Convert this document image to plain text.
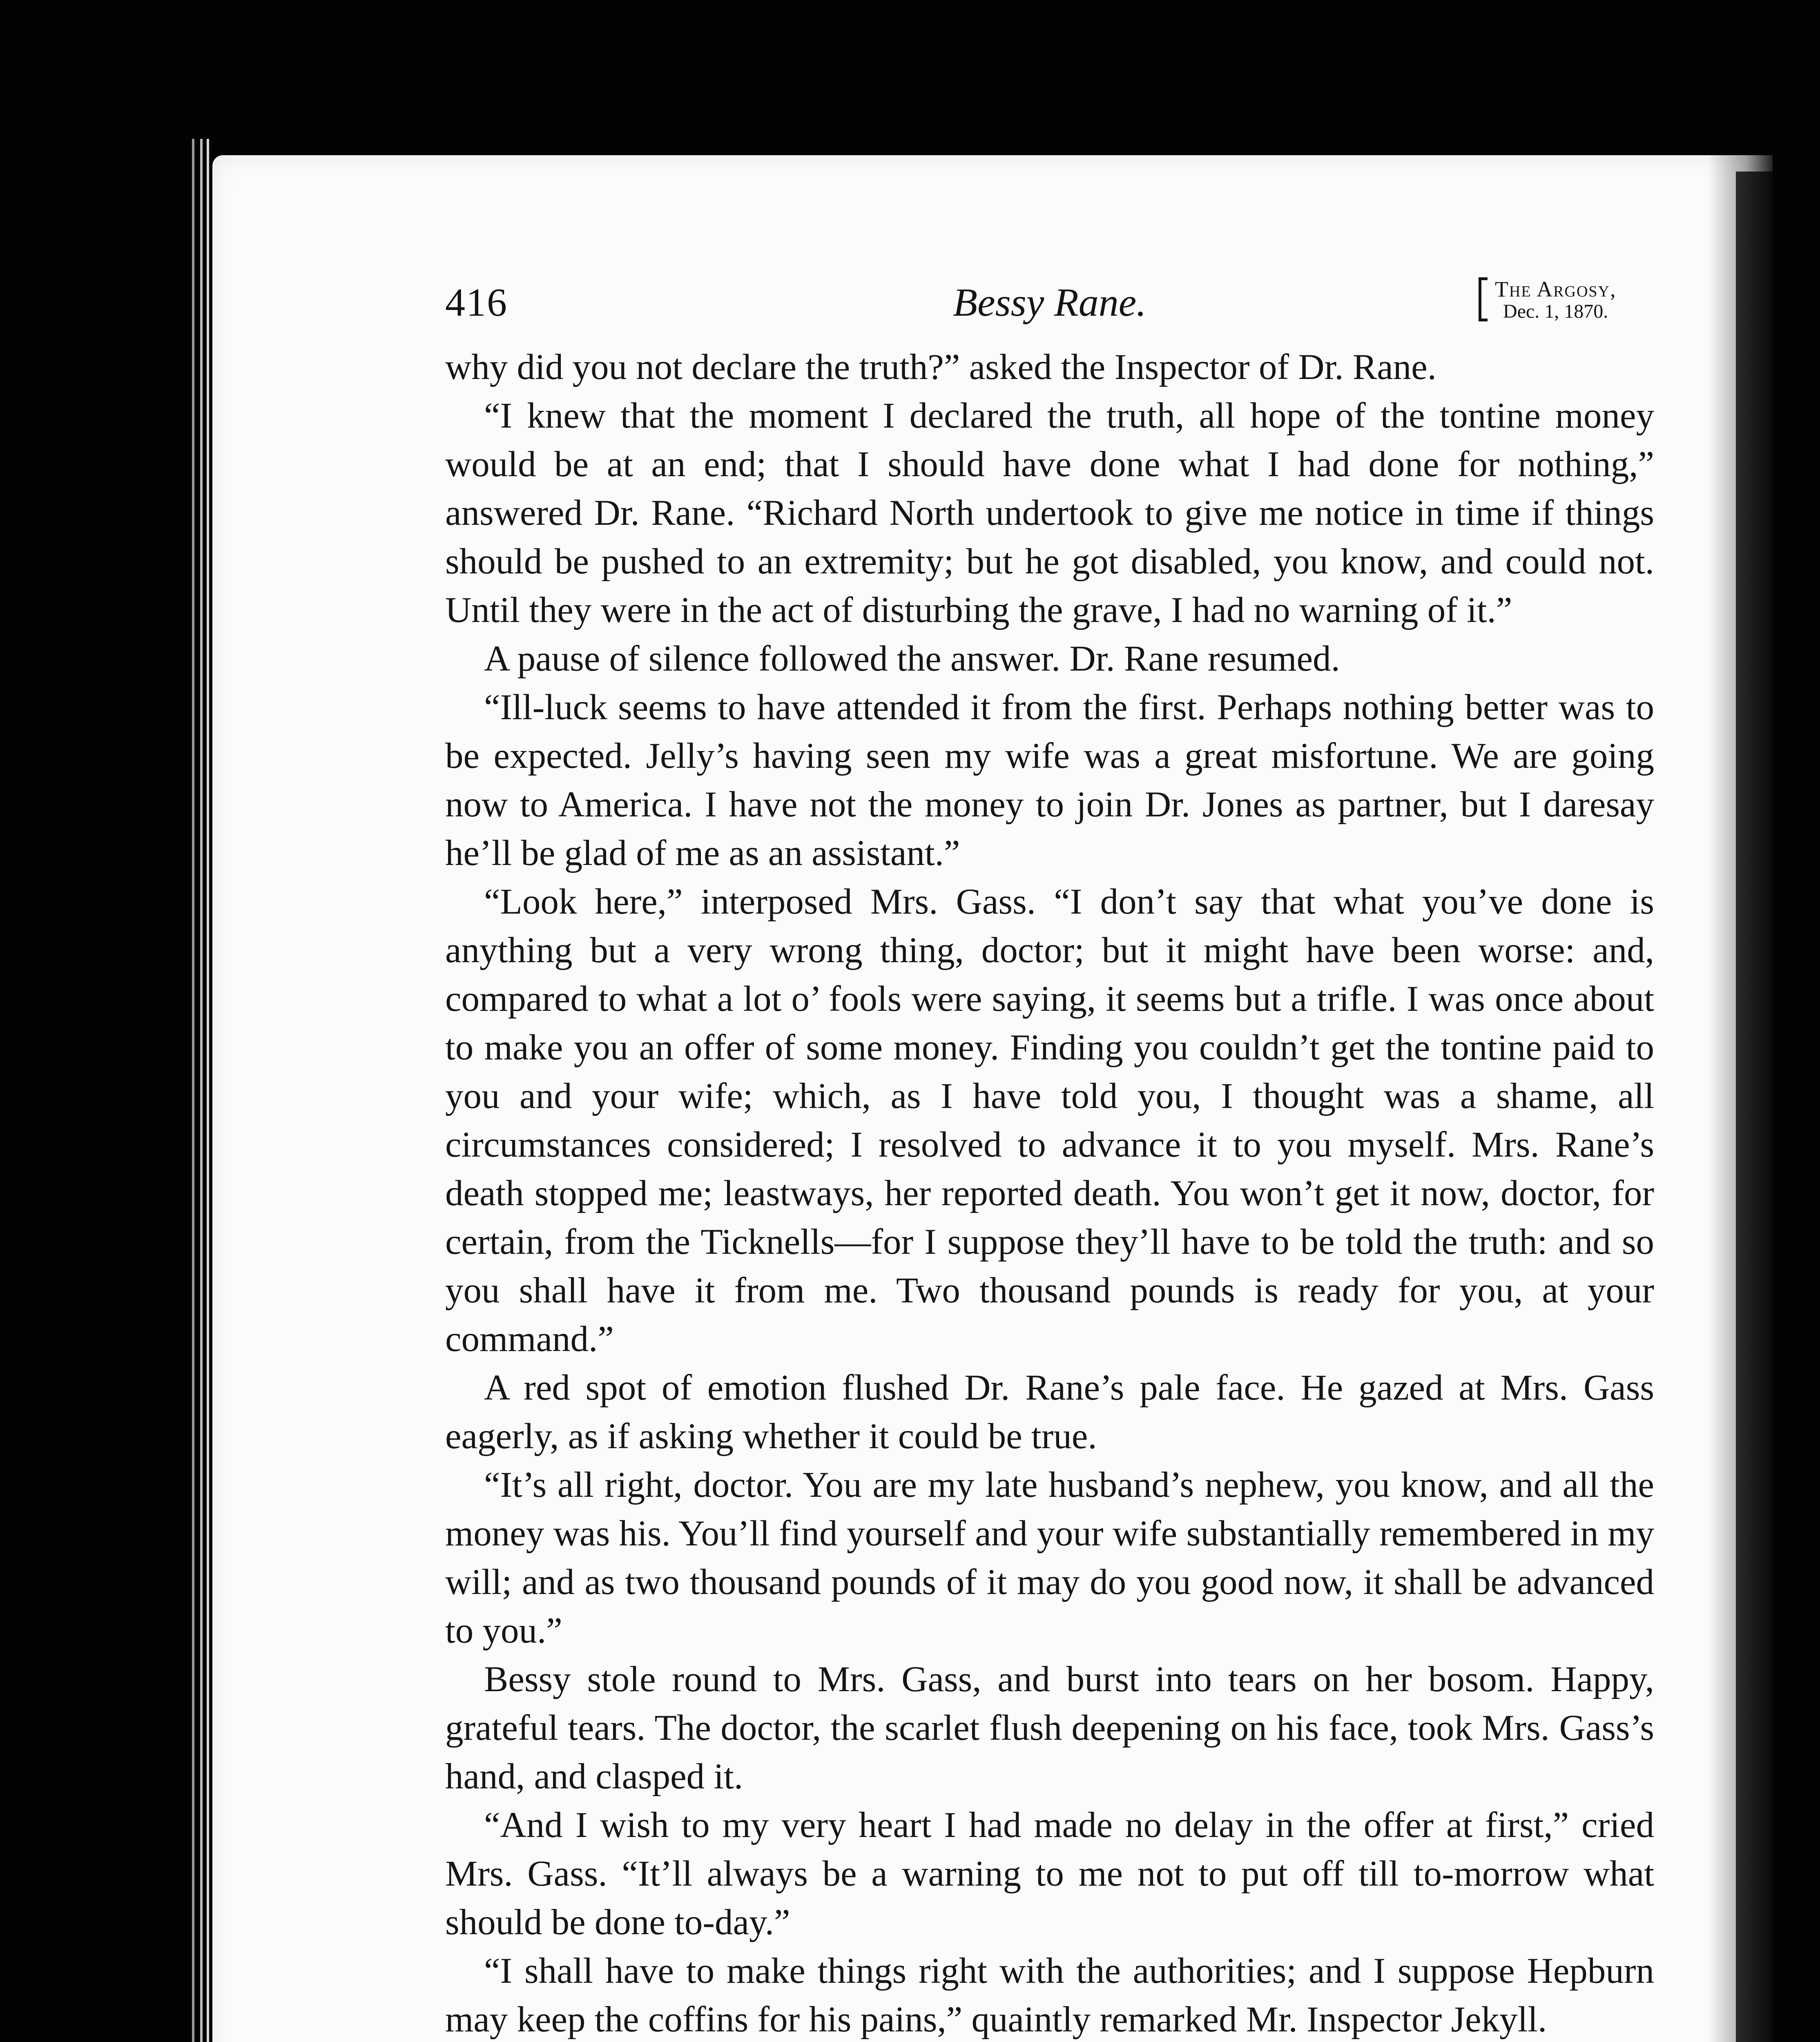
416	Bessy Rane.	The Argosy,
Dec. 1, 1870.

why did you not declare the truth?” asked the Inspector of Dr. Rane.

“I knew that the moment I declared the truth, all hope of the tontine money would be at an end; that I should have done what I had done for nothing,” answered Dr. Rane. “Richard North undertook to give me notice in time if things should be pushed to an extremity; but he got disabled, you know, and could not. Until they were in the act of disturbing the grave, I had no warning of it.”

A pause of silence followed the answer. Dr. Rane resumed.

“Ill-luck seems to have attended it from the first. Perhaps nothing better was to be expected. Jelly’s having seen my wife was a great misfortune. We are going now to America. I have not the money to join Dr. Jones as partner, but I daresay he’ll be glad of me as an assistant.”

“Look here,” interposed Mrs. Gass. “I don’t say that what you’ve done is anything but a very wrong thing, doctor; but it might have been worse: and, compared to what a lot o’ fools were saying, it seems but a trifle. I was once about to make you an offer of some money. Finding you couldn’t get the tontine paid to you and your wife; which, as I have told you, I thought was a shame, all circumstances considered; I resolved to advance it to you myself. Mrs. Rane’s death stopped me; leastways, her reported death. You won’t get it now, doctor, for certain, from the Ticknells—for I suppose they’ll have to be told the truth: and so you shall have it from me. Two thousand pounds is ready for you, at your command.”

A red spot of emotion flushed Dr. Rane’s pale face. He gazed at Mrs. Gass eagerly, as if asking whether it could be true.

“It’s all right, doctor. You are my late husband’s nephew, you know, and all the money was his. You’ll find yourself and your wife substantially remembered in my will; and as two thousand pounds of it may do you good now, it shall be advanced to you.”

Bessy stole round to Mrs. Gass, and burst into tears on her bosom. Happy, grateful tears. The doctor, the scarlet flush deepening on his face, took Mrs. Gass’s hand, and clasped it.

“And I wish to my very heart I had made no delay in the offer at first,” cried Mrs. Gass. “It’ll always be a warning to me not to put off till to-morrow what should be done to-day.”

“I shall have to make things right with the authorities; and I suppose Hepburn may keep the coffins for his pains,” quaintly remarked Mr. Inspector Jekyll.
